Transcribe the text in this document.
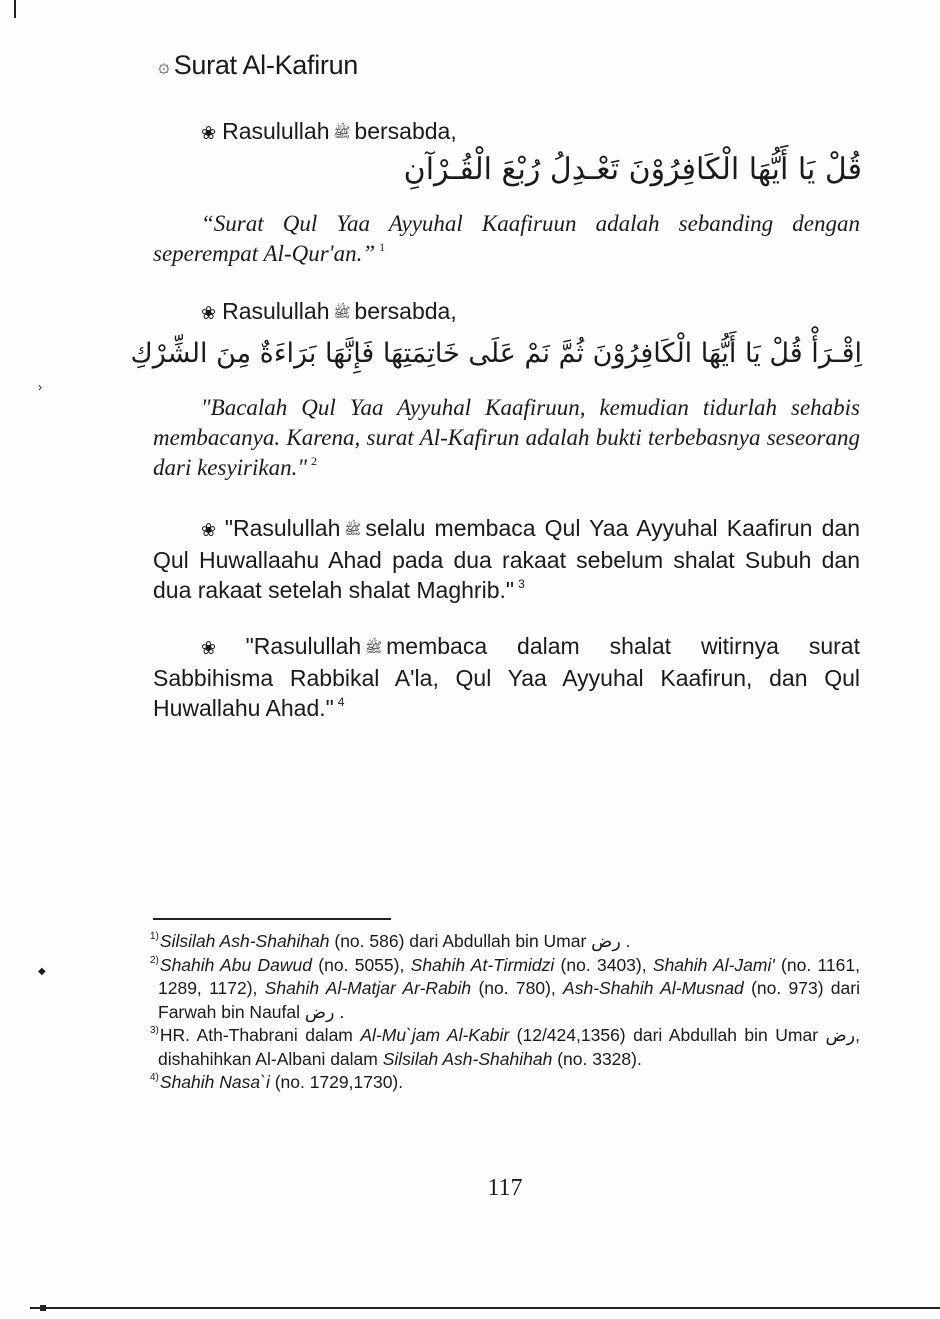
›
◆
۞ Surat Al-Kafirun
❀ Rasulullah ﷺ bersabda,
قُلْ يَا أَيُّهَا الْكَافِرُوْنَ تَعْـدِلُ رُبْعَ الْقُـرْآنِ
“Surat Qul Yaa Ayyuhal Kaafiruun adalah sebanding dengan seperempat Al-Qur'an.” $^1$
❀ Rasulullah ﷺ bersabda,
اِقْـرَأْ قُلْ يَا أَيُّهَا الْكَافِرُوْنَ ثُمَّ نَمْ عَلَى خَاتِمَتِهَا فَإِنَّهَا بَرَاءَةٌ مِنَ الشِّرْكِ
"Bacalah Qul Yaa Ayyuhal Kaafiruun, kemudian tidurlah sehabis membacanya. Karena, surat Al-Kafirun adalah bukti terbebasnya seseorang dari kesyirikan." $^2$
❀ "Rasulullah ﷺ selalu membaca Qul Yaa Ayyuhal Kaafirun dan Qul Huwallaahu Ahad pada dua rakaat sebelum shalat Subuh dan dua rakaat setelah shalat Maghrib." $^3$
❀ "Rasulullah ﷺ membaca dalam shalat witirnya surat Sabbihisma Rabbikal A'la, Qul Yaa Ayyuhal Kaafirun, dan Qul Huwallahu Ahad." $^4$
$^{1)}$Silsilah Ash-Shahihah (no. 586) dari Abdullah bin Umar رض .
$^{2)}$Shahih Abu Dawud (no. 5055), Shahih At-Tirmidzi (no. 3403), Shahih Al-Jami' (no. 1161, 1289, 1172), Shahih Al-Matjar Ar-Rabih (no. 780), Ash-Shahih Al-Musnad (no. 973) dari Farwah bin Naufal رض .
$^{3)}$HR. Ath-Thabrani dalam Al-Mu`jam Al-Kabir (12/424,1356) dari Abdullah bin Umar رض, dishahihkan Al-Albani dalam Silsilah Ash-Shahihah (no. 3328).
$^{4)}$Shahih Nasa`i (no. 1729,1730).
117
